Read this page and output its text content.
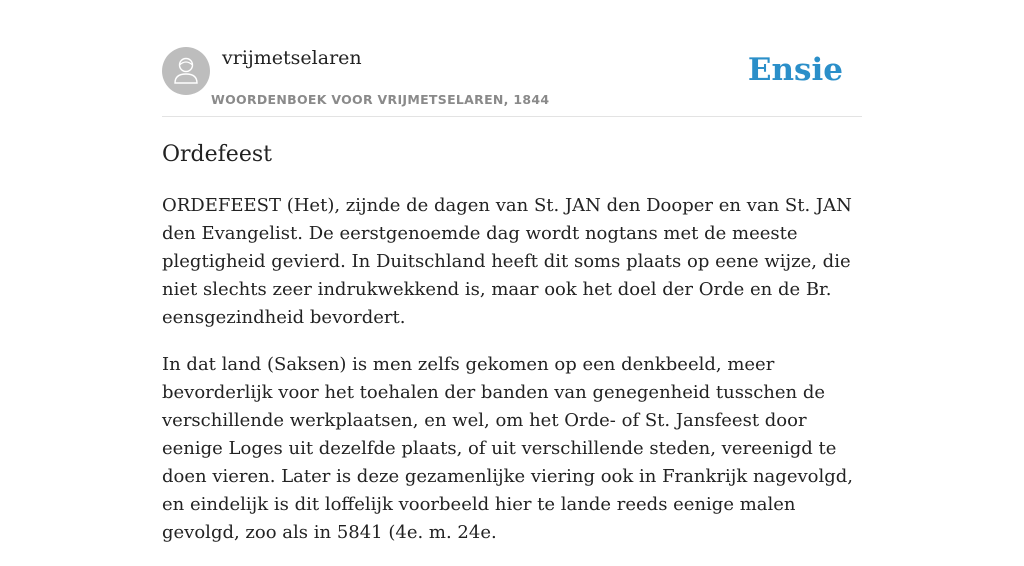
vrijmetselaren
WOORDENBOEK VOOR VRIJMETSELAREN, 1844
Ensie
Ordefeest

ORDEFEEST (Het), zijnde de dagen van St. JAN den Dooper en van St. JAN den Evangelist. De eerstgenoemde dag wordt nogtans met de meeste plegtigheid gevierd. In Duitschland heeft dit soms plaats op eene wijze, die niet slechts zeer indrukwekkend is, maar ook het doel der Orde en de Br. eensgezindheid bevordert.

In dat land (Saksen) is men zelfs gekomen op een denkbeeld, meer bevorderlijk voor het toehalen der banden van genegenheid tusschen de verschillende werkplaatsen, en wel, om het Orde- of St. Jansfeest door eenige Loges uit dezelfde plaats, of uit verschillende steden, vereenigd te doen vieren. Later is deze gezamenlijke viering ook in Frankrijk nagevolgd, en eindelijk is dit loffelijk voorbeeld hier te lande reeds eenige malen gevolgd, zoo als in 5841 (4e. m. 24e.
